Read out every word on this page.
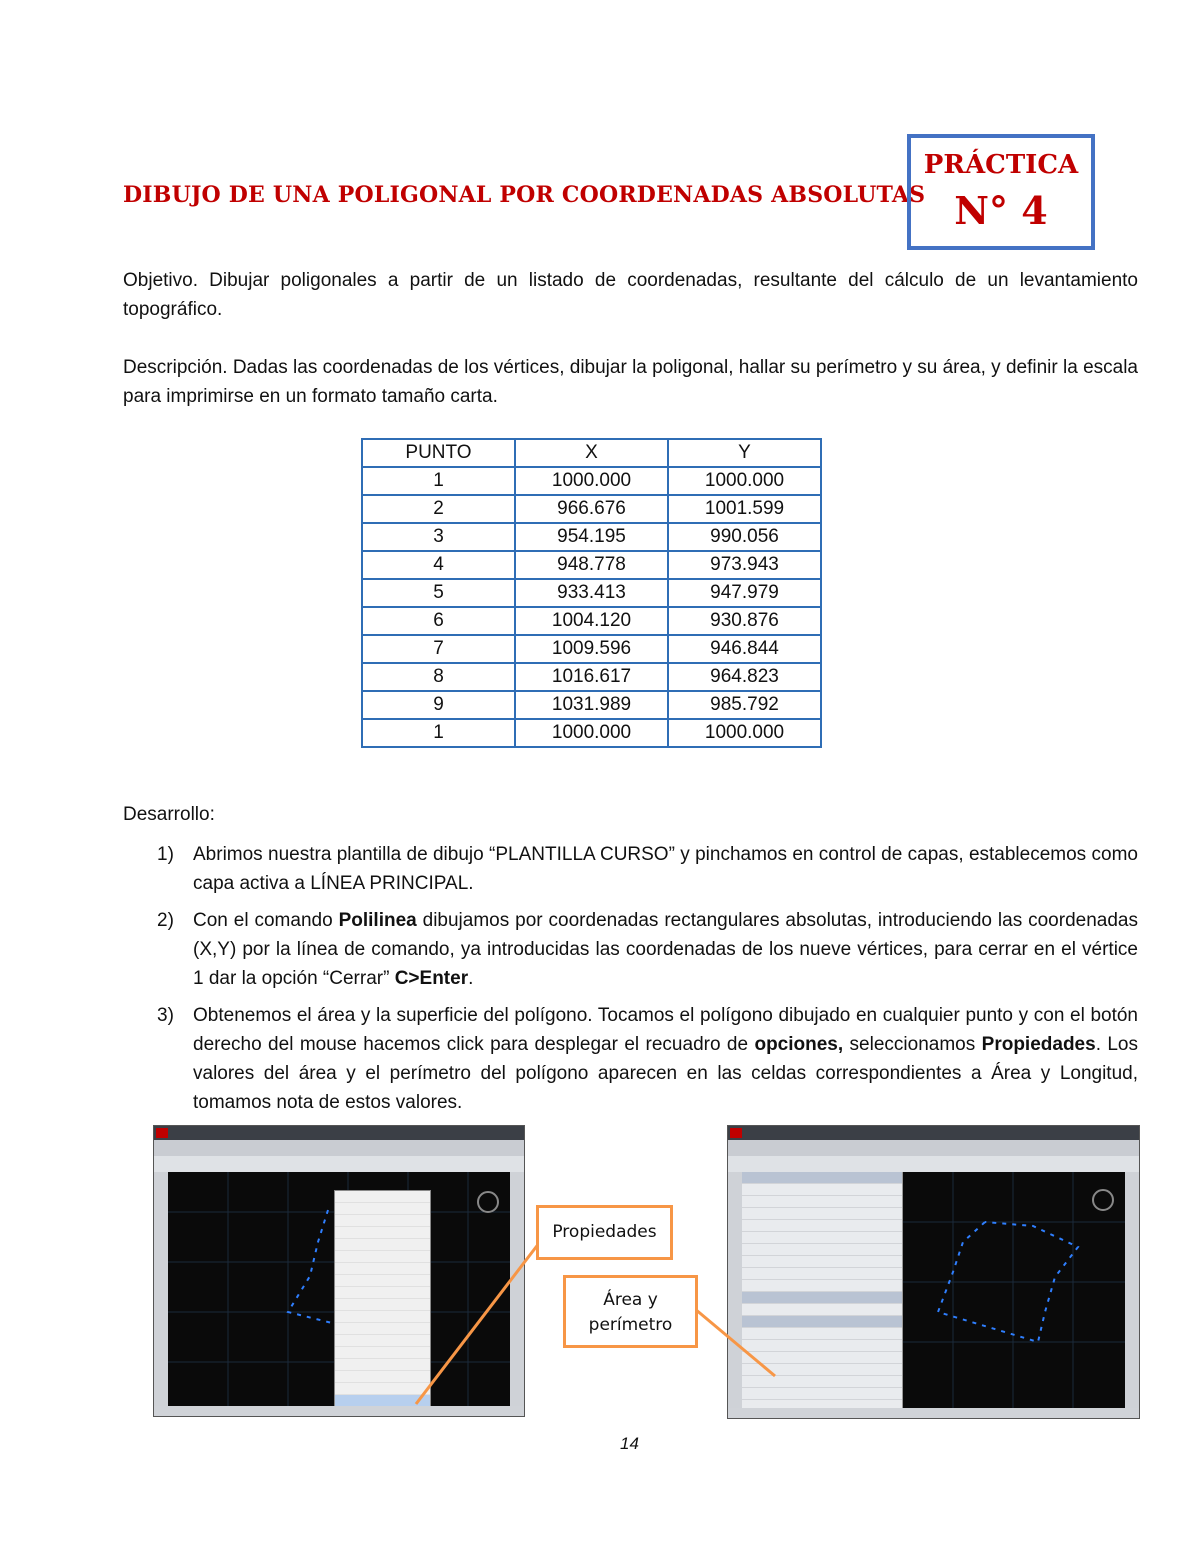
DIBUJO DE UNA POLIGONAL POR COORDENADAS ABSOLUTAS
PRÁCTICA
N° 4
Objetivo. Dibujar poligonales a partir de un listado de coordenadas, resultante del cálculo de un levantamiento topográfico.
Descripción. Dadas las coordenadas de los vértices, dibujar la poligonal, hallar su perímetro y su área, y definir la escala para imprimirse en un formato tamaño carta.
PUNTO	X	Y
1	1000.000	1000.000
2	966.676	1001.599
3	954.195	990.056
4	948.778	973.943
5	933.413	947.979
6	1004.120	930.876
7	1009.596	946.844
8	1016.617	964.823
9	1031.989	985.792
1	1000.000	1000.000
Desarrollo:
1) Abrimos nuestra plantilla de dibujo “PLANTILLA CURSO” y pinchamos en control de capas, establecemos como capa activa a LÍNEA PRINCIPAL.
2) Con el comando Polilinea dibujamos por coordenadas rectangulares absolutas, introduciendo las coordenadas (X,Y) por la línea de comando, ya introducidas las coordenadas de los nueve vértices, para cerrar en el vértice 1 dar la opción “Cerrar” C>Enter.
3) Obtenemos el área y la superficie del polígono. Tocamos el polígono dibujado en cualquier punto y con el botón derecho del mouse hacemos click para desplegar el recuadro de opciones, seleccionamos Propiedades. Los valores del área y el perímetro del polígono aparecen en las celdas correspondientes a Área y Longitud, tomamos nota de estos valores.
Propiedades
Área y perímetro
14
